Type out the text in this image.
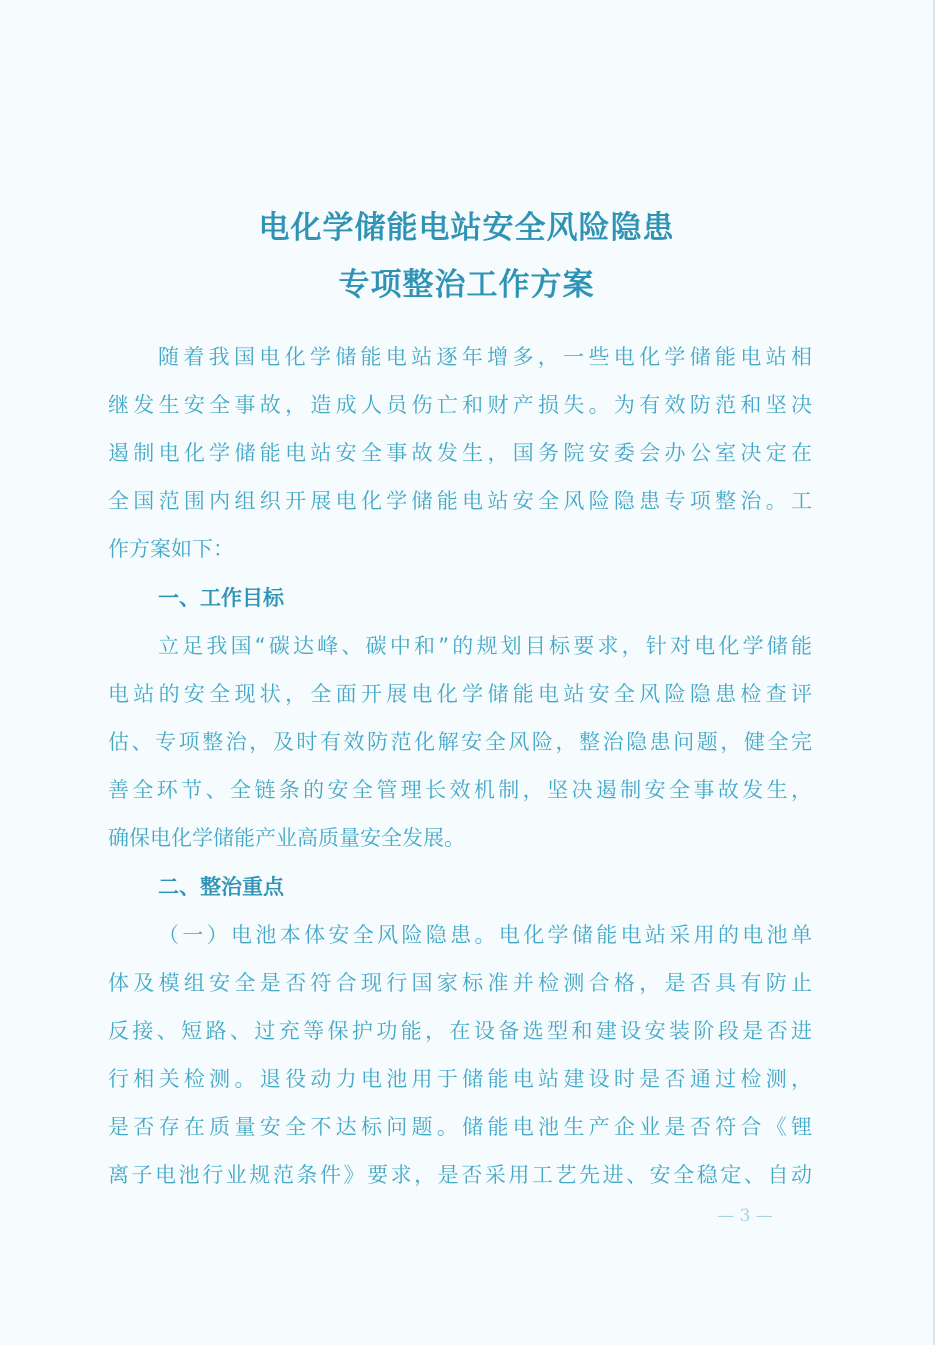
电化学储能电站安全风险隐患
专项整治工作方案
随着我国电化学储能电站逐年增多，一些电化学储能电站相
继发生安全事故，造成人员伤亡和财产损失。为有效防范和坚决
遏制电化学储能电站安全事故发生，国务院安委会办公室决定在
全国范围内组织开展电化学储能电站安全风险隐患专项整治。工
作方案如下：
一、工作目标
立足我国“碳达峰、碳中和”的规划目标要求，针对电化学储能
电站的安全现状，全面开展电化学储能电站安全风险隐患检查评
估、专项整治，及时有效防范化解安全风险，整治隐患问题，健全完
善全环节、全链条的安全管理长效机制，坚决遏制安全事故发生，
确保电化学储能产业高质量安全发展。
二、整治重点
（一）电池本体安全风险隐患。电化学储能电站采用的电池单
体及模组安全是否符合现行国家标准并检测合格，是否具有防止
反接、短路、过充等保护功能，在设备选型和建设安装阶段是否进
行相关检测。退役动力电池用于储能电站建设时是否通过检测，
是否存在质量安全不达标问题。储能电池生产企业是否符合《锂
离子电池行业规范条件》要求，是否采用工艺先进、安全稳定、自动
— 3 —
